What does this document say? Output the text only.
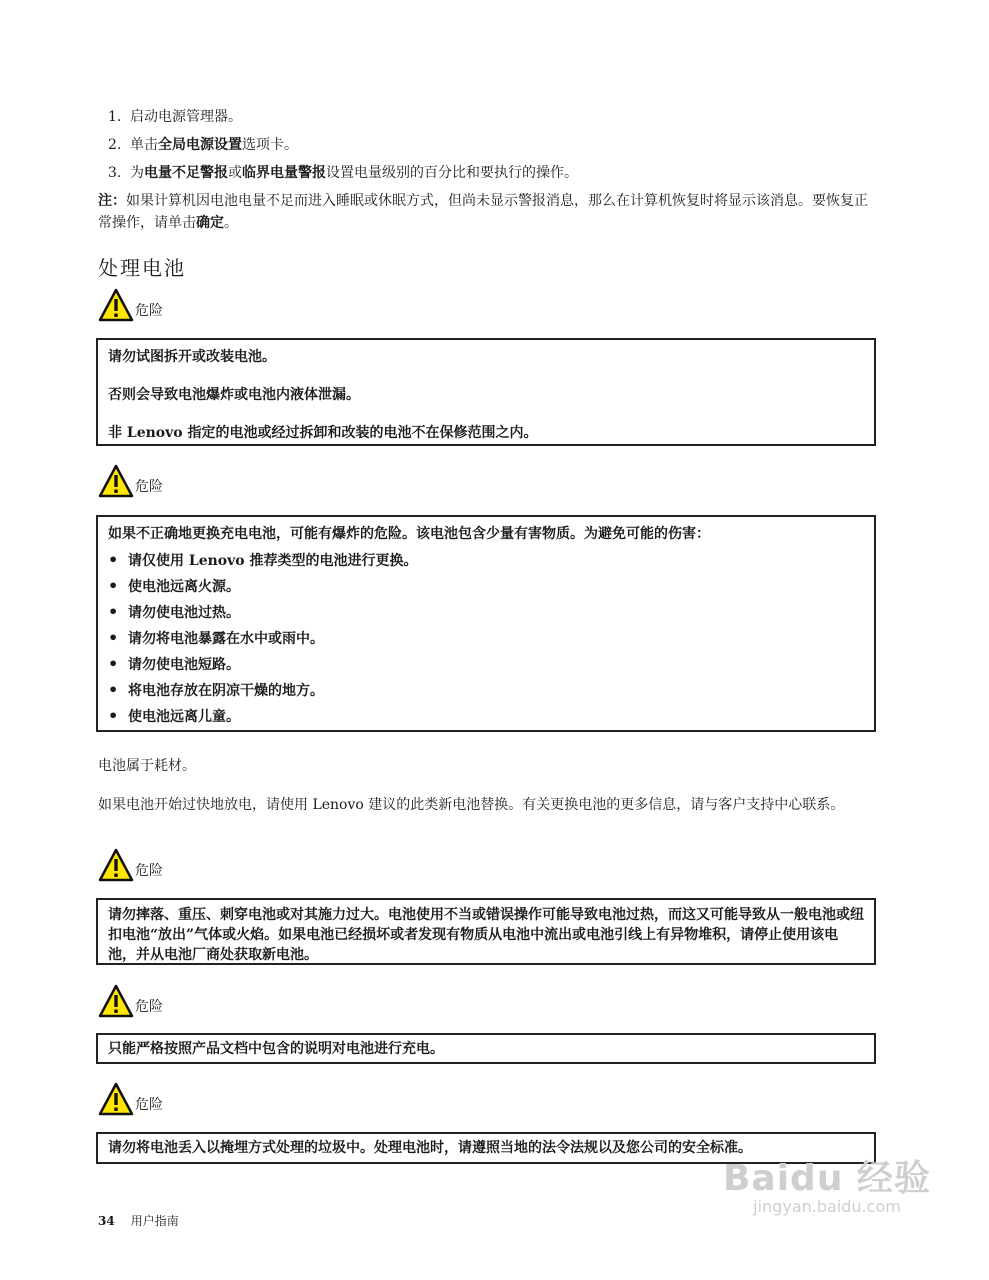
1. 启动电源管理器。
2. 单击全局电源设置选项卡。
3. 为电量不足警报或临界电量警报设置电量级别的百分比和要执行的操作。
注：如果计算机因电池电量不足而进入睡眠或休眠方式，但尚未显示警报消息，那么在计算机恢复时将显示该消息。要恢复正常操作，请单击确定。
处理电池
危险

请勿试图拆开或改装电池。

否则会导致电池爆炸或电池内液体泄漏。

非 Lenovo 指定的电池或经过拆卸和改装的电池不在保修范围之内。

危险

如果不正确地更换充电电池，可能有爆炸的危险。该电池包含少量有害物质。为避免可能的伤害：

• 请仅使用 Lenovo 推荐类型的电池进行更换。
• 使电池远离火源。
• 请勿使电池过热。
• 请勿将电池暴露在水中或雨中。
• 请勿使电池短路。
• 将电池存放在阴凉干燥的地方。
• 使电池远离儿童。
电池属于耗材。
如果电池开始过快地放电，请使用 Lenovo 建议的此类新电池替换。有关更换电池的更多信息，请与客户支持中心联系。
危险

请勿摔落、重压、刺穿电池或对其施力过大。电池使用不当或错误操作可能导致电池过热，而这又可能导致从一般电池或纽扣电池“放出”气体或火焰。如果电池已经损坏或者发现有物质从电池中流出或电池引线上有异物堆积，请停止使用该电池，并从电池厂商处获取新电池。

危险

只能严格按照产品文档中包含的说明对电池进行充电。

危险

请勿将电池丢入以掩埋方式处理的垃圾中。处理电池时，请遵照当地的法令法规以及您公司的安全标准。

34 用户指南
Baidu 经验
jingyan.baidu.com
